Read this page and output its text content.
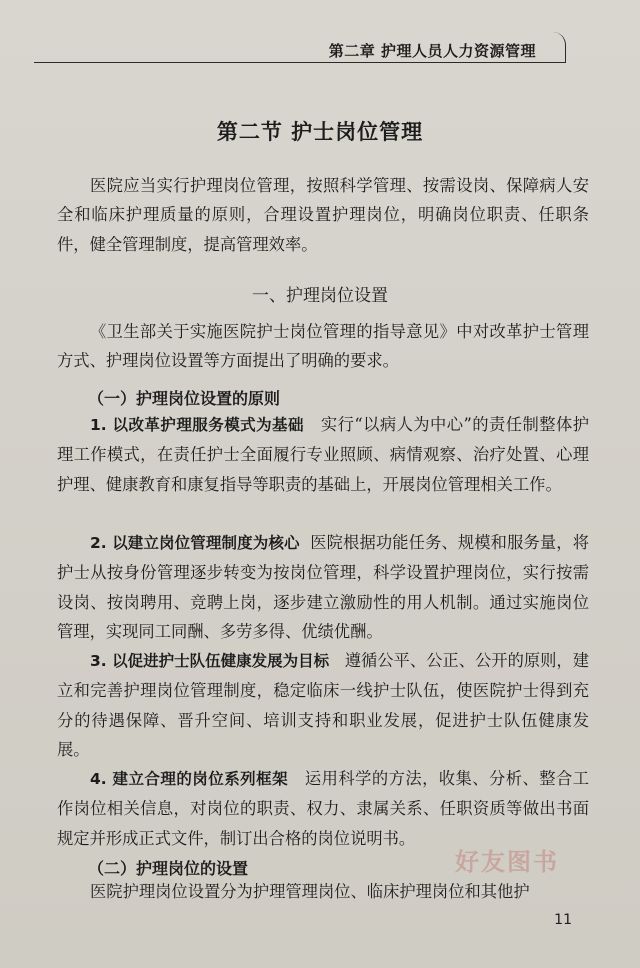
第二章 护理人员人力资源管理
第二节 护士岗位管理

医院应当实行护理岗位管理，按照科学管理、按需设岗、保障病人安全和临床护理质量的原则，合理设置护理岗位，明确岗位职责、任职条件，健全管理制度，提高管理效率。

一、护理岗位设置

《卫生部关于实施医院护士岗位管理的指导意见》中对改革护士管理方式、护理岗位设置等方面提出了明确的要求。

（一）护理岗位设置的原则

1. 以改革护理服务模式为基础 实行“以病人为中心”的责任制整体护理工作模式，在责任护士全面履行专业照顾、病情观察、治疗处置、心理护理、健康教育和康复指导等职责的基础上，开展岗位管理相关工作。

2. 以建立岗位管理制度为核心 医院根据功能任务、规模和服务量，将护士从按身份管理逐步转变为按岗位管理，科学设置护理岗位，实行按需设岗、按岗聘用、竞聘上岗，逐步建立激励性的用人机制。通过实施岗位管理，实现同工同酬、多劳多得、优绩优酬。

3. 以促进护士队伍健康发展为目标 遵循公平、公正、公开的原则，建立和完善护理岗位管理制度，稳定临床一线护士队伍，使医院护士得到充分的待遇保障、晋升空间、培训支持和职业发展，促进护士队伍健康发展。

4. 建立合理的岗位系列框架 运用科学的方法，收集、分析、整合工作岗位相关信息，对岗位的职责、权力、隶属关系、任职资质等做出书面规定并形成正式文件，制订出合格的岗位说明书。

（二）护理岗位的设置

医院护理岗位设置分为护理管理岗位、临床护理岗位和其他护

好友图书
11
